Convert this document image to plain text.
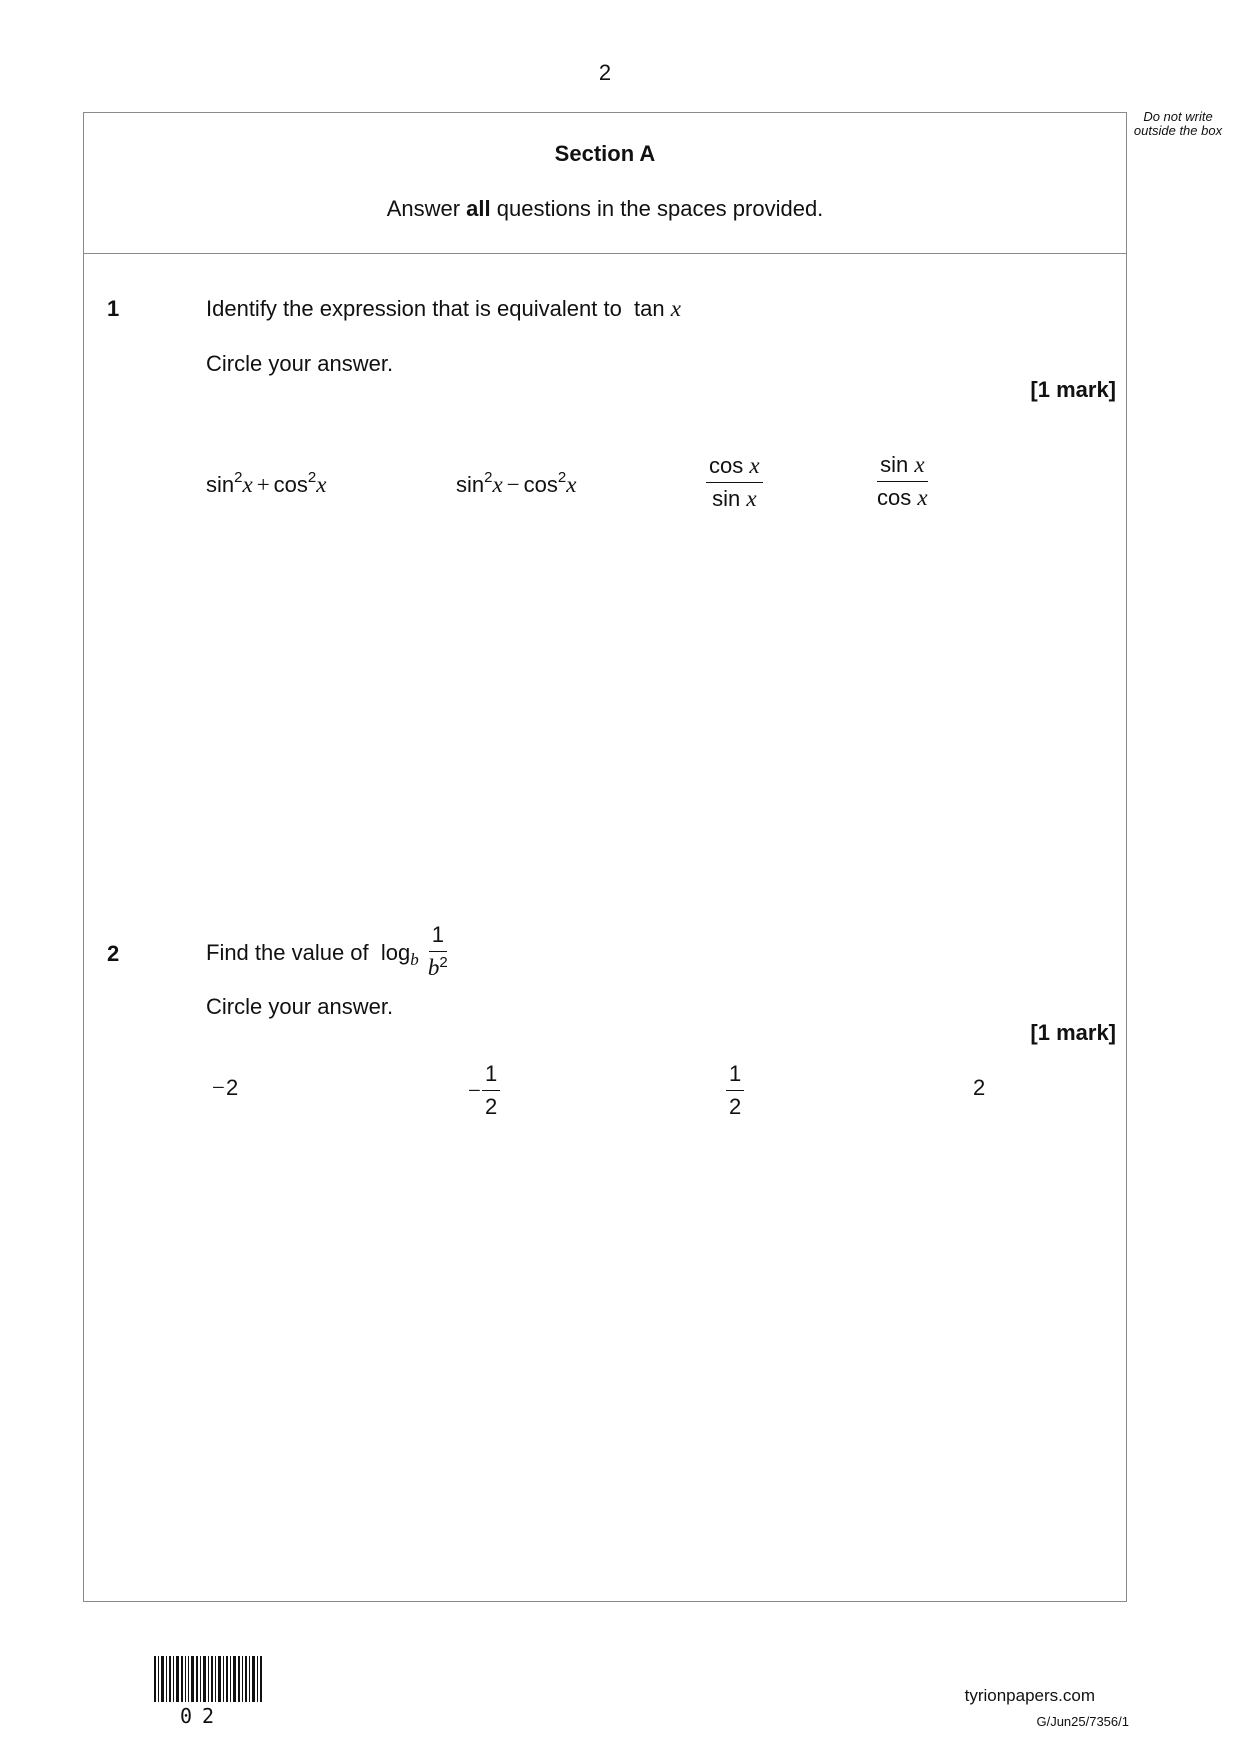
2
Do not write outside the box
Section A
Answer all questions in the spaces provided.
1	Identify the expression that is equivalent to tan x
Circle your answer.
[1 mark]
$\sin^2x + \cos^2x$	$\sin^2x - \cos^2x$	$\frac{\text{cos x}}{\text{sin x}}$	$\frac{\text{sin x}}{\text{cos x}}$
2	Find the value of
log b
$\frac{1}{b^2}$
Circle your answer.
[1 mark]
−2	− $\frac{1}{2}$	$\frac{1}{2}$	2
02
tyrionpapers.com
G/Jun25/7356/1
